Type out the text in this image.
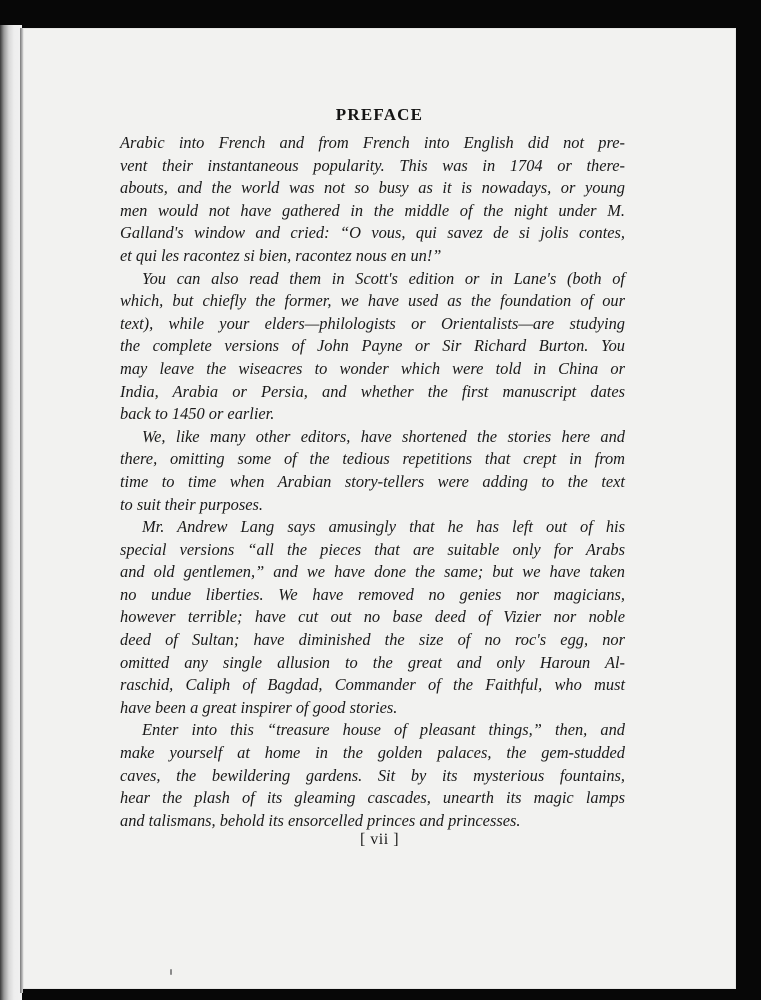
PREFACE
Arabic into French and from French into English did not pre-
vent their instantaneous popularity. This was in 1704 or there-
abouts, and the world was not so busy as it is nowadays, or young
men would not have gathered in the middle of the night under M.
Galland's window and cried: “O vous, qui savez de si jolis contes,
et qui les racontez si bien, racontez nous en un!”
You can also read them in Scott's edition or in Lane's (both of
which, but chiefly the former, we have used as the foundation of our
text), while your elders—philologists or Orientalists—are studying
the complete versions of John Payne or Sir Richard Burton. You
may leave the wiseacres to wonder which were told in China or
India, Arabia or Persia, and whether the first manuscript dates
back to 1450 or earlier.
We, like many other editors, have shortened the stories here and
there, omitting some of the tedious repetitions that crept in from
time to time when Arabian story-tellers were adding to the text
to suit their purposes.
Mr. Andrew Lang says amusingly that he has left out of his
special versions “all the pieces that are suitable only for Arabs
and old gentlemen,” and we have done the same; but we have taken
no undue liberties. We have removed no genies nor magicians,
however terrible; have cut out no base deed of Vizier nor noble
deed of Sultan; have diminished the size of no roc's egg, nor
omitted any single allusion to the great and only Haroun Al-
raschid, Caliph of Bagdad, Commander of the Faithful, who must
have been a great inspirer of good stories.
Enter into this “treasure house of pleasant things,” then, and
make yourself at home in the golden palaces, the gem-studded
caves, the bewildering gardens. Sit by its mysterious fountains,
hear the plash of its gleaming cascades, unearth its magic lamps
and talismans, behold its ensorcelled princes and princesses.
[ vii ]
